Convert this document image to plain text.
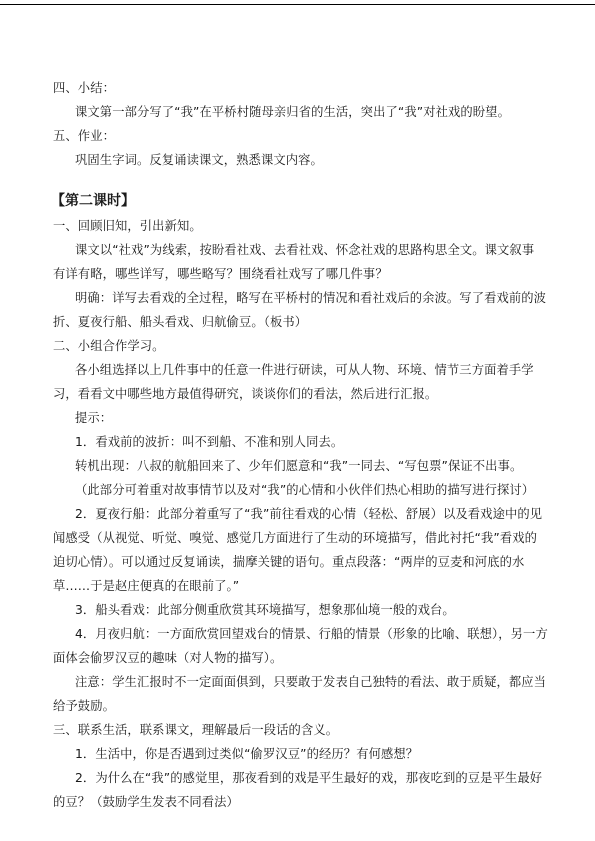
四、小结：
课文第一部分写了“我”在平桥村随母亲归省的生活，突出了“我”对社戏的盼望。
五、作业：
巩固生字词。反复诵读课文，熟悉课文内容。
【第二课时】
一、回顾旧知，引出新知。
课文以“社戏”为线索，按盼看社戏、去看社戏、怀念社戏的思路构思全文。课文叙事
有详有略，哪些详写，哪些略写？围绕看社戏写了哪几件事？
明确：详写去看戏的全过程，略写在平桥村的情况和看社戏后的余波。写了看戏前的波
折、夏夜行船、船头看戏、归航偷豆。（板书）
二、小组合作学习。
各小组选择以上几件事中的任意一件进行研读，可从人物、环境、情节三方面着手学
习，看看文中哪些地方最值得研究，谈谈你们的看法，然后进行汇报。
提示：
1．看戏前的波折：叫不到船、不准和别人同去。
转机出现：八叔的航船回来了、少年们愿意和“我”一同去、“写包票”保证不出事。
（此部分可着重对故事情节以及对“我”的心情和小伙伴们热心相助的描写进行探讨）
2．夏夜行船：此部分着重写了“我”前往看戏的心情（轻松、舒展）以及看戏途中的见
闻感受（从视觉、听觉、嗅觉、感觉几方面进行了生动的环境描写，借此衬托“我”看戏的
迫切心情）。可以通过反复诵读，揣摩关键的语句。重点段落：“两岸的豆麦和河底的水
草……于是赵庄便真的在眼前了。”
3．船头看戏：此部分侧重欣赏其环境描写，想象那仙境一般的戏台。
4．月夜归航：一方面欣赏回望戏台的情景、行船的情景（形象的比喻、联想），另一方
面体会偷罗汉豆的趣味（对人物的描写）。
注意：学生汇报时不一定面面俱到，只要敢于发表自己独特的看法、敢于质疑，都应当
给予鼓励。
三、联系生活，联系课文，理解最后一段话的含义。
1．生活中，你是否遇到过类似“偷罗汉豆”的经历？有何感想？
2．为什么在“我”的感觉里，那夜看到的戏是平生最好的戏，那夜吃到的豆是平生最好
的豆？（鼓励学生发表不同看法）
